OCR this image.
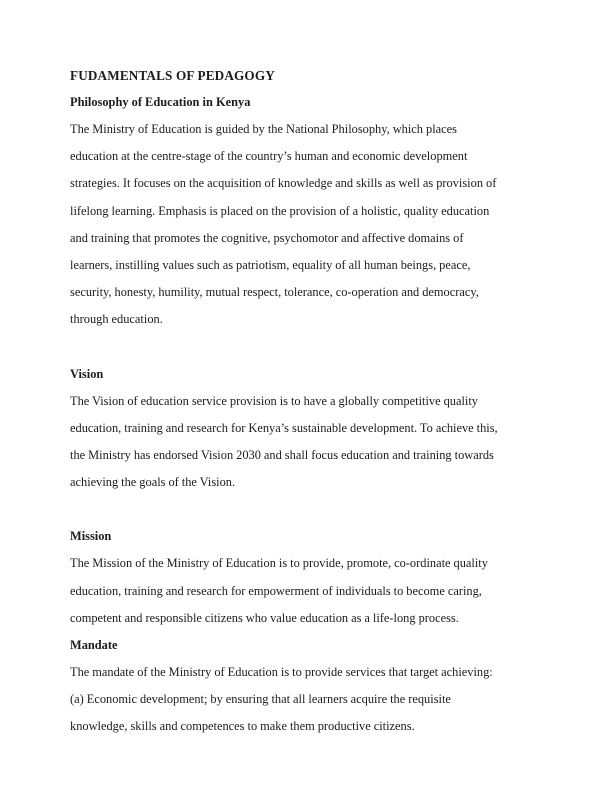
FUDAMENTALS OF PEDAGOGY
Philosophy of Education in Kenya

The Ministry of Education is guided by the National Philosophy, which places education at the centre-stage of the country’s human and economic development strategies. It focuses on the acquisition of knowledge and skills as well as provision of lifelong learning. Emphasis is placed on the provision of a holistic, quality education and training that promotes the cognitive, psychomotor and affective domains of learners, instilling values such as patriotism, equality of all human beings, peace, security, honesty, humility, mutual respect, tolerance, co-operation and democracy, through education.

Vision

The Vision of education service provision is to have a globally competitive quality education, training and research for Kenya’s sustainable development. To achieve this, the Ministry has endorsed Vision 2030 and shall focus education and training towards achieving the goals of the Vision.

Mission

The Mission of the Ministry of Education is to provide, promote, co-ordinate quality education, training and research for empowerment of individuals to become caring, competent and responsible citizens who value education as a life-long process.

Mandate

The mandate of the Ministry of Education is to provide services that target achieving:

(a) Economic development; by ensuring that all learners acquire the requisite knowledge, skills and competences to make them productive citizens.
